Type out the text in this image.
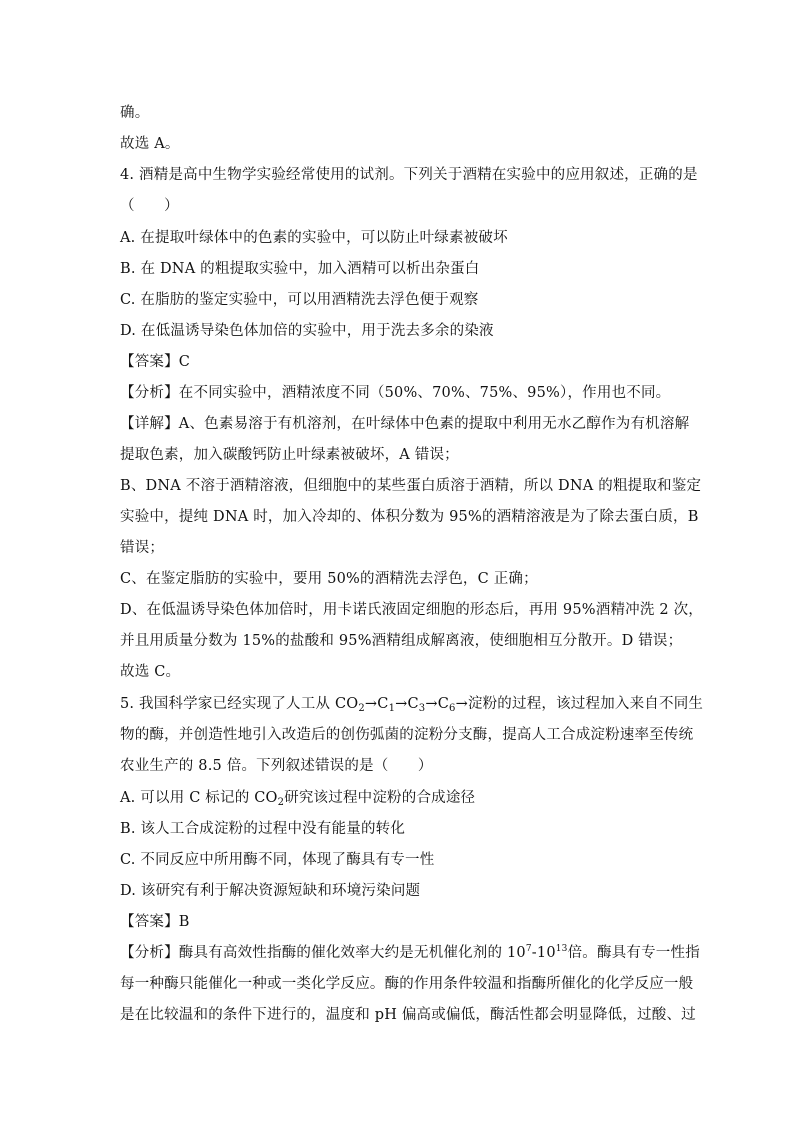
确。
故选 A。
4. 酒精是高中生物学实验经常使用的试剂。下列关于酒精在实验中的应用叙述，正确的是
（　　）
A. 在提取叶绿体中的色素的实验中，可以防止叶绿素被破坏
B. 在 DNA 的粗提取实验中，加入酒精可以析出杂蛋白
C. 在脂肪的鉴定实验中，可以用酒精洗去浮色便于观察
D. 在低温诱导染色体加倍的实验中，用于洗去多余的染液
【答案】C
【分析】在不同实验中，酒精浓度不同（50%、70%、75%、95%），作用也不同。
【详解】A、色素易溶于有机溶剂，在叶绿体中色素的提取中利用无水乙醇作为有机溶解
提取色素，加入碳酸钙防止叶绿素被破坏，A 错误；
B、DNA 不溶于酒精溶液，但细胞中的某些蛋白质溶于酒精，所以 DNA 的粗提取和鉴定
实验中，提纯 DNA 时，加入冷却的、体积分数为 95%的酒精溶液是为了除去蛋白质，B
错误；
C、在鉴定脂肪的实验中，要用 50%的酒精洗去浮色，C 正确；
D、在低温诱导染色体加倍时，用卡诺氏液固定细胞的形态后，再用 95%酒精冲洗 2 次，
并且用质量分数为 15%的盐酸和 95%酒精组成解离液，使细胞相互分散开。D 错误；
故选 C。
5. 我国科学家已经实现了人工从 $CO_2\to C_1\to C_3\to C_6\to$淀粉的过程，该过程加入来自不同生
物的酶，并创造性地引入改造后的创伤弧菌的淀粉分支酶，提高人工合成淀粉速率至传统
农业生产的 8.5 倍。下列叙述错误的是（　　）
A. 可以用 C 标记的 $CO_2$研究该过程中淀粉的合成途径
B. 该人工合成淀粉的过程中没有能量的转化
C. 不同反应中所用酶不同，体现了酶具有专一性
D. 该研究有利于解决资源短缺和环境污染问题
【答案】B
【分析】酶具有高效性指酶的催化效率大约是无机催化剂的 $10^7-10^{13}$倍。酶具有专一性指
每一种酶只能催化一种或一类化学反应。酶的作用条件较温和指酶所催化的化学反应一般
是在比较温和的条件下进行的，温度和 pH 偏高或偏低，酶活性都会明显降低，过酸、过
